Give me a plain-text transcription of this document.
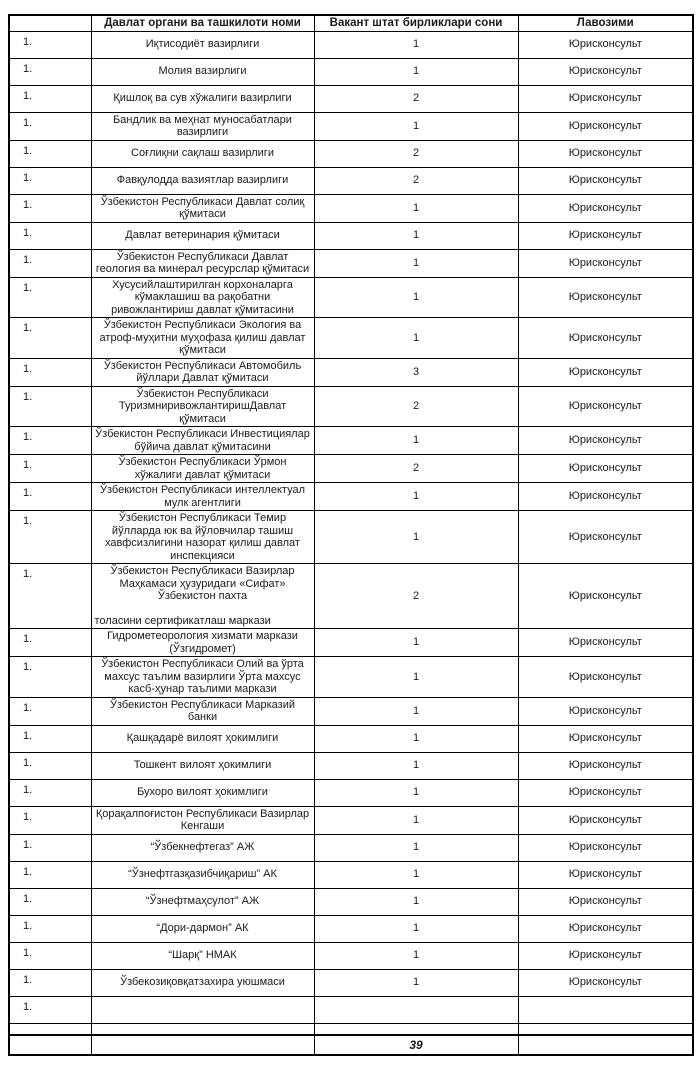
	Давлат органи ва ташкилоти номи	Вакант штат бирликлари сони	Лавозими
1.	Иқтисодиёт вазирлиги	1	Юрисконсульт
1.	Молия вазирлиги	1	Юрисконсульт
1.	Қишлоқ ва сув хўжалиги вазирлиги	2	Юрисконсульт
1.	Бандлик ва меҳнат муносабатлари вазирлиги	1	Юрисконсульт
1.	Соғлиқни сақлаш вазирлиги	2	Юрисконсульт
1.	Фавқулодда вазиятлар вазирлиги	2	Юрисконсульт
1.	Ўзбекистон Республикаси Давлат солиқ қўмитаси	1	Юрисконсульт
1.	Давлат ветеринария қўмитаси	1	Юрисконсульт
1.	Ўзбекистон Республикаси Давлат геология ва минерал ресурслар қўмитаси	1	Юрисконсульт
1.	Хусусийлаштирилган корхоналарга кўмаклашиш ва рақобатни ривожлантириш давлат қўмитасини	1	Юрисконсульт
1.	Ўзбекистон Республикаси Экология ва атроф-муҳитни муҳофаза қилиш давлат қўмитаси	1	Юрисконсульт
1.	Ўзбекистон Республикаси Автомобиль йўллари Давлат қўмитаси	3	Юрисконсульт
1.	Ўзбекистон Республикаси ТуризмниривожлантиришДавлат қўмитаси	2	Юрисконсульт
1.	Ўзбекистон Республикаси Инвестициялар бўйича давлат қўмитасини	1	Юрисконсульт
1.	Ўзбекистон Республикаси Ўрмон хўжалиги давлат қўмитаси	2	Юрисконсульт
1.	Ўзбекистон Республикаси интеллектуал мулк агентлиги	1	Юрисконсульт
1.	Ўзбекистон Республикаси Темир йўлларда юк ва йўловчилар ташиш хавфсизлигини назорат қилиш давлат инспекцияси	1	Юрисконсульт
1.	Ўзбекистон Республикаси Вазирлар Маҳкамаси ҳузуридаги «Сифат» Ўзбекистон пахта
толасини сертификатлаш маркази	2	Юрисконсульт
1.	Гидрометеорология хизмати маркази (Ўзгидромет)	1	Юрисконсульт
1.	Ўзбекистон Республикаси Олий ва ўрта махсус таълим вазирлиги Ўрта махсус касб-ҳунар таълими маркази	1	Юрисконсульт
1.	Ўзбекистон Республикаси Марказий банки	1	Юрисконсульт
1.	Қашқадарё вилоят ҳокимлиги	1	Юрисконсульт
1.	Тошкент вилоят ҳокимлиги	1	Юрисконсульт
1.	Бухоро вилоят ҳокимлиги	1	Юрисконсульт
1.	Қорақалпоғистон Республикаси Вазирлар Кенгаши	1	Юрисконсульт
1.	“Ўзбекнефтегаз” АЖ	1	Юрисконсульт
1.	“Ўзнефтгазқазибчиқариш” АК	1	Юрисконсульт
1.	“Ўзнефтмаҳсулот” АЖ	1	Юрисконсульт
1.	“Дори-дармон” АК	1	Юрисконсульт
1.	“Шарқ” НМАК	1	Юрисконсульт
1.	Ўзбекозиқовқатзахира уюшмаси	1	Юрисконсульт
1.	

	39	
